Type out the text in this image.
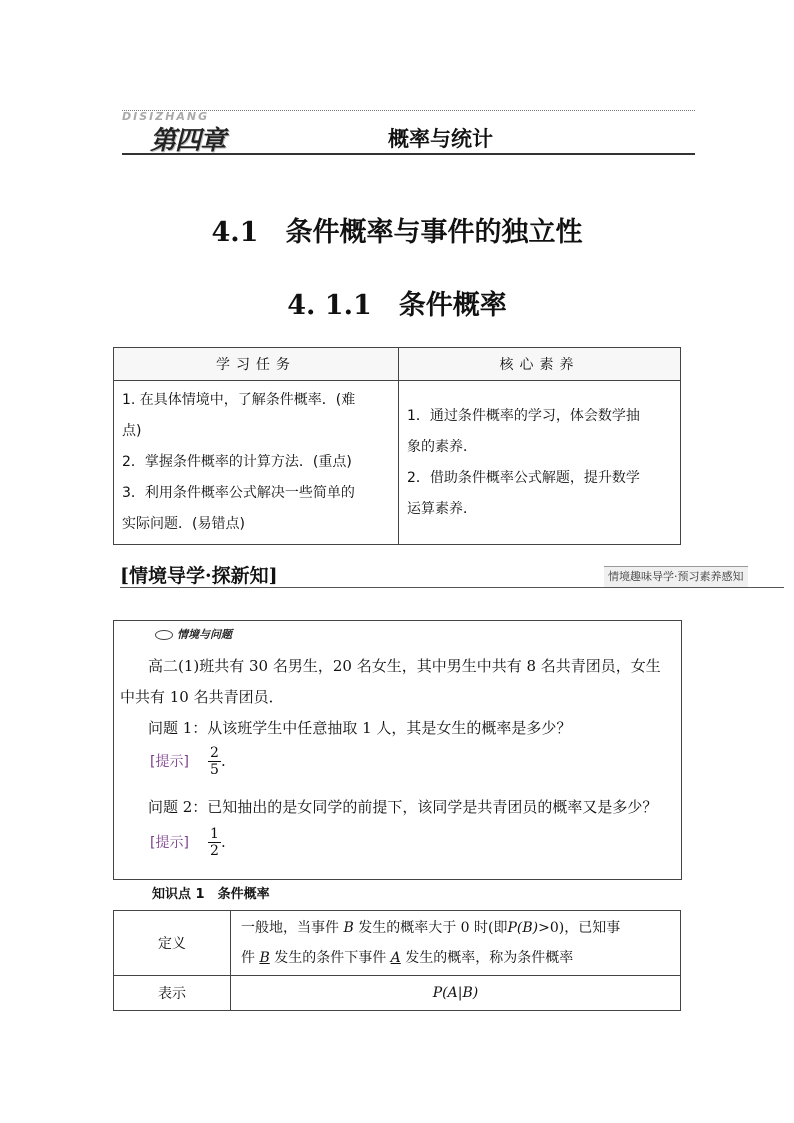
DISIZHANG
第四章	概率与统计
4.1　条件概率与事件的独立性
4. 1.1　条件概率
学习任务	核心素养

1. 在具体情境中，了解条件概率．(难
点)
2．掌握条件概率的计算方法．(重点)
3．利用条件概率公式解决一些简单的
实际问题．(易错点)	1．通过条件概率的学习，体会数学抽
象的素养．
2．借助条件概率公式解题，提升数学
运算素养．
[情境导学·探新知]	情境趣味导学·预习素养感知
情境与问题
高二(1)班共有 30 名男生，20 名女生，其中男生中共有 8 名共青团员，女生
中共有 10 名共青团员．
问题 1：从该班学生中任意抽取 1 人，其是女生的概率是多少？
[提示] $\frac{2}{5}$ .
问题 2：已知抽出的是女同学的前提下，该同学是共青团员的概率又是多少？
[提示] $\frac{1}{2}$ .
知识点 1　条件概率
定义	一般地，当事件 B 发生的概率大于 0 时(即P(B)>0)，已知事
件 B 发生的条件下事件 A 发生的概率，称为条件概率
表示	P(A|B)
